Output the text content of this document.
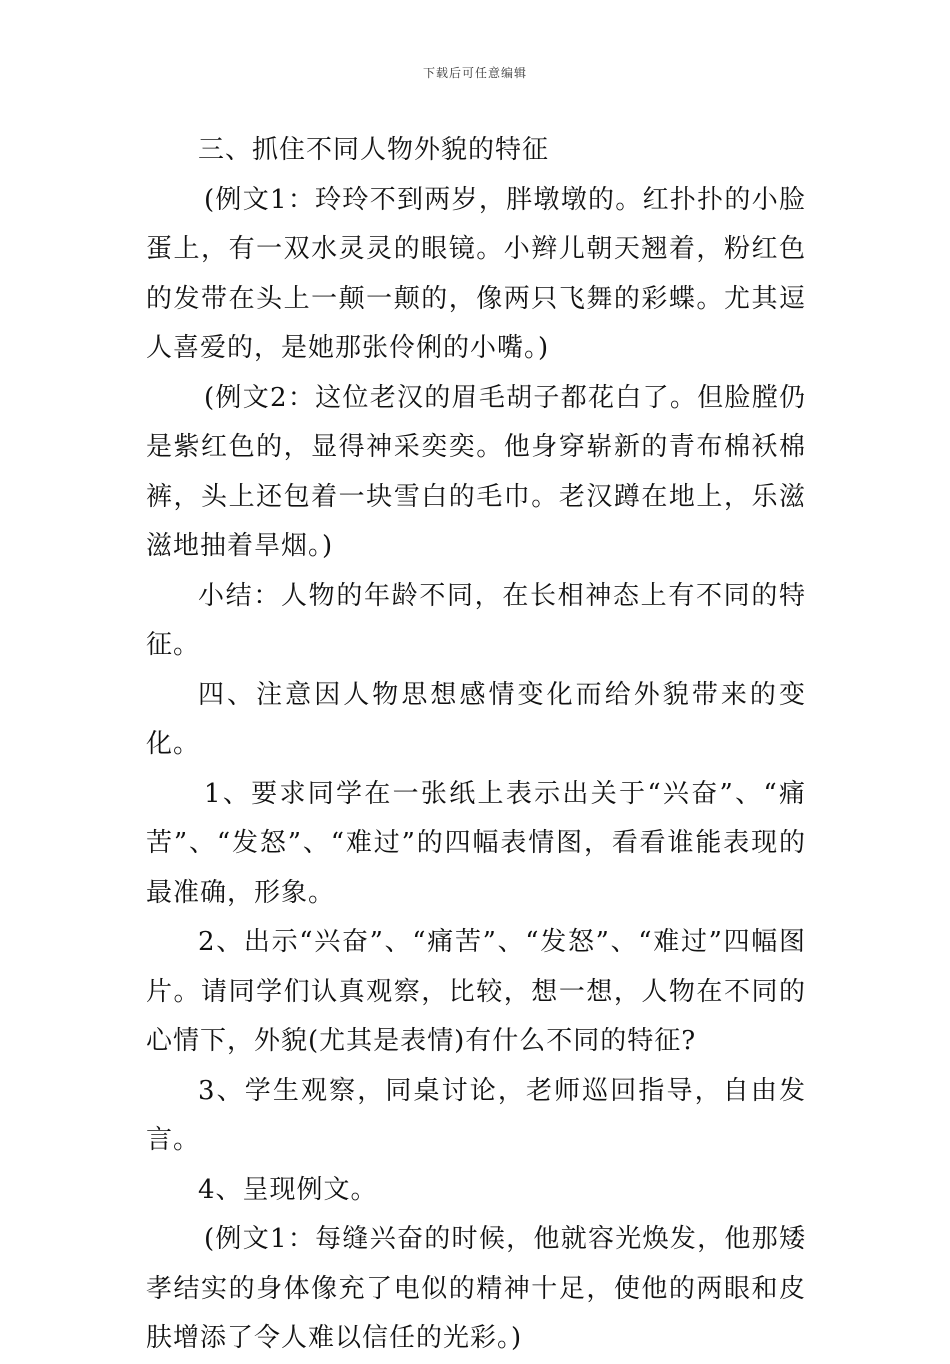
下载后可任意编辑

三、抓住不同人物外貌的特征

(例文1：玲玲不到两岁，胖墩墩的。红扑扑的小脸蛋上，有一双水灵灵的眼镜。小辫儿朝天翘着，粉红色的发带在头上一颠一颠的，像两只飞舞的彩蝶。尤其逗人喜爱的，是她那张伶俐的小嘴。)

(例文2：这位老汉的眉毛胡子都花白了。但脸膛仍是紫红色的，显得神采奕奕。他身穿崭新的青布棉袄棉裤，头上还包着一块雪白的毛巾。老汉蹲在地上，乐滋滋地抽着旱烟。)

小结：人物的年龄不同，在长相神态上有不同的特征。

四、注意因人物思想感情变化而给外貌带来的变化。

1、要求同学在一张纸上表示出关于“兴奋”、“痛苦”、“发怒”、“难过”的四幅表情图，看看谁能表现的最准确，形象。

2、出示“兴奋”、“痛苦”、“发怒”、“难过”四幅图片。请同学们认真观察，比较，想一想，人物在不同的心情下，外貌(尤其是表情)有什么不同的特征?

3、学生观察，同桌讨论，老师巡回指导，自由发言。

4、呈现例文。

(例文1：每缝兴奋的时候，他就容光焕发，他那矮孝结实的身体像充了电似的精神十足，使他的两眼和皮肤增添了令人难以信任的光彩。)
